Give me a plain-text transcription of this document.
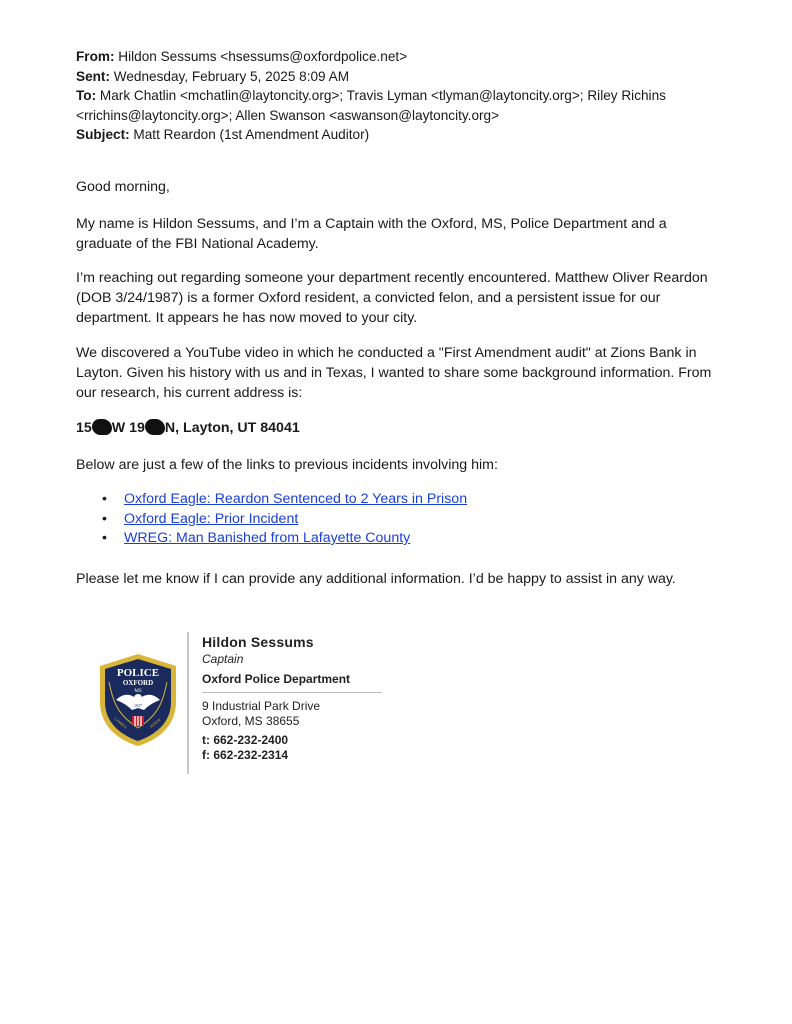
From: Hildon Sessums <hsessums@oxfordpolice.net>
Sent: Wednesday, February 5, 2025 8:09 AM
To: Mark Chatlin <mchatlin@laytoncity.org>; Travis Lyman <tlyman@laytoncity.org>; Riley Richins <rrichins@laytoncity.org>; Allen Swanson <aswanson@laytoncity.org>
Subject: Matt Reardon (1st Amendment Auditor)
Good morning,
My name is Hildon Sessums, and I’m a Captain with the Oxford, MS, Police Department and a graduate of the FBI National Academy.
I’m reaching out regarding someone your department recently encountered. Matthew Oliver Reardon (DOB 3/24/1987) is a former Oxford resident, a convicted felon, and a persistent issue for our department. It appears he has now moved to your city.
We discovered a YouTube video in which he conducted a "First Amendment audit" at Zions Bank in Layton. Given his history with us and in Texas, I wanted to share some background information. From our research, his current address is:
15 W 19 N, Layton, UT 84041
Below are just a few of the links to previous incidents involving him:
• Oxford Eagle: Reardon Sentenced to 2 Years in Prison
• Oxford Eagle: Prior Incident
• WREG: Man Banished from Lafayette County
Please let me know if I can provide any additional information. I’d be happy to assist in any way.
POLICE
OXFORD
MS
1837
LAMBDA	HONOR
Hildon Sessums
Captain
Oxford Police Department
9 Industrial Park Drive
Oxford, MS 38655
t: 662-232-2400
f: 662-232-2314
